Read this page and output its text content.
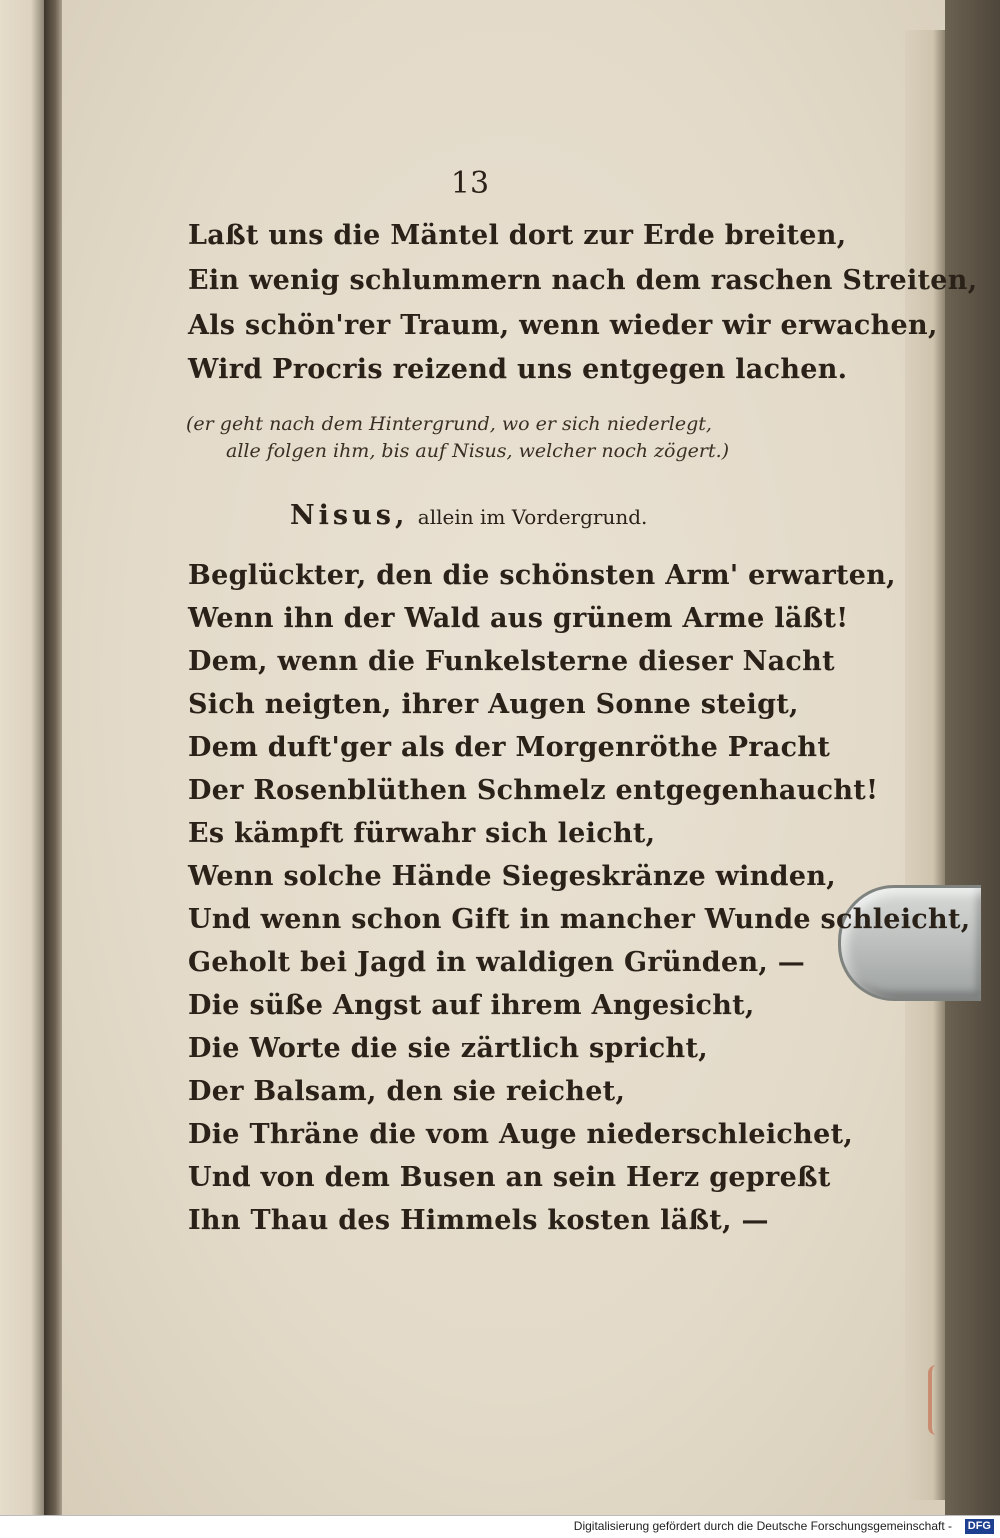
13
Laßt uns die Mäntel dort zur Erde breiten,
Ein wenig schlummern nach dem raschen Streiten,
Als schön'rer Traum, wenn wieder wir erwachen,
Wird Procris reizend uns entgegen lachen.
(er geht nach dem Hintergrund, wo er sich niederlegt,
alle folgen ihm, bis auf Nisus, welcher noch zögert.)
Nisus, allein im Vordergrund.
Beglückter, den die schönsten Arm' erwarten,
Wenn ihn der Wald aus grünem Arme läßt!
Dem, wenn die Funkelsterne dieser Nacht
Sich neigten, ihrer Augen Sonne steigt,
Dem duft'ger als der Morgenröthe Pracht
Der Rosenblüthen Schmelz entgegenhaucht!
Es kämpft fürwahr sich leicht,
Wenn solche Hände Siegeskränze winden,
Und wenn schon Gift in mancher Wunde schleicht,
Geholt bei Jagd in waldigen Gründen, —
Die süße Angst auf ihrem Angesicht,
Die Worte die sie zärtlich spricht,
Der Balsam, den sie reichet,
Die Thräne die vom Auge niederschleichet,
Und von dem Busen an sein Herz gepreßt
Ihn Thau des Himmels kosten läßt, —
Digitalisierung gefördert durch die Deutsche Forschungsgemeinschaft - DFG
